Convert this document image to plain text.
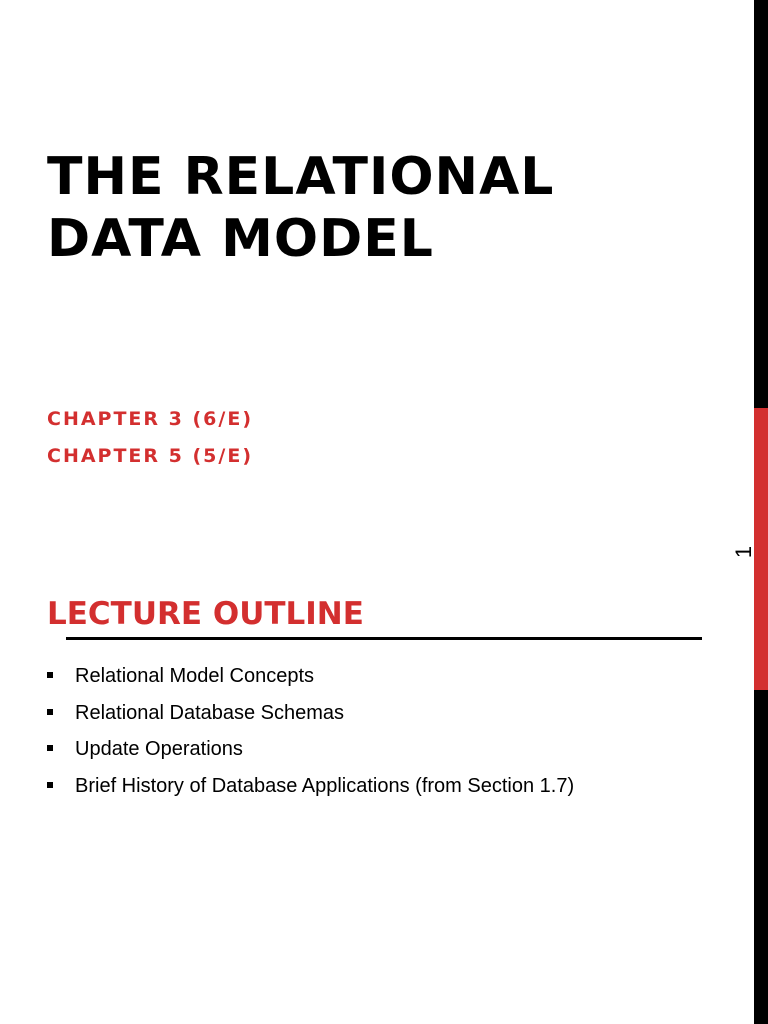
1
THE RELATIONAL
DATA MODEL
CHAPTER 3 (6/E)
CHAPTER 5 (5/E)
LECTURE OUTLINE
Relational Model Concepts
Relational Database Schemas
Update Operations
Brief History of Database Applications (from Section 1.7)
